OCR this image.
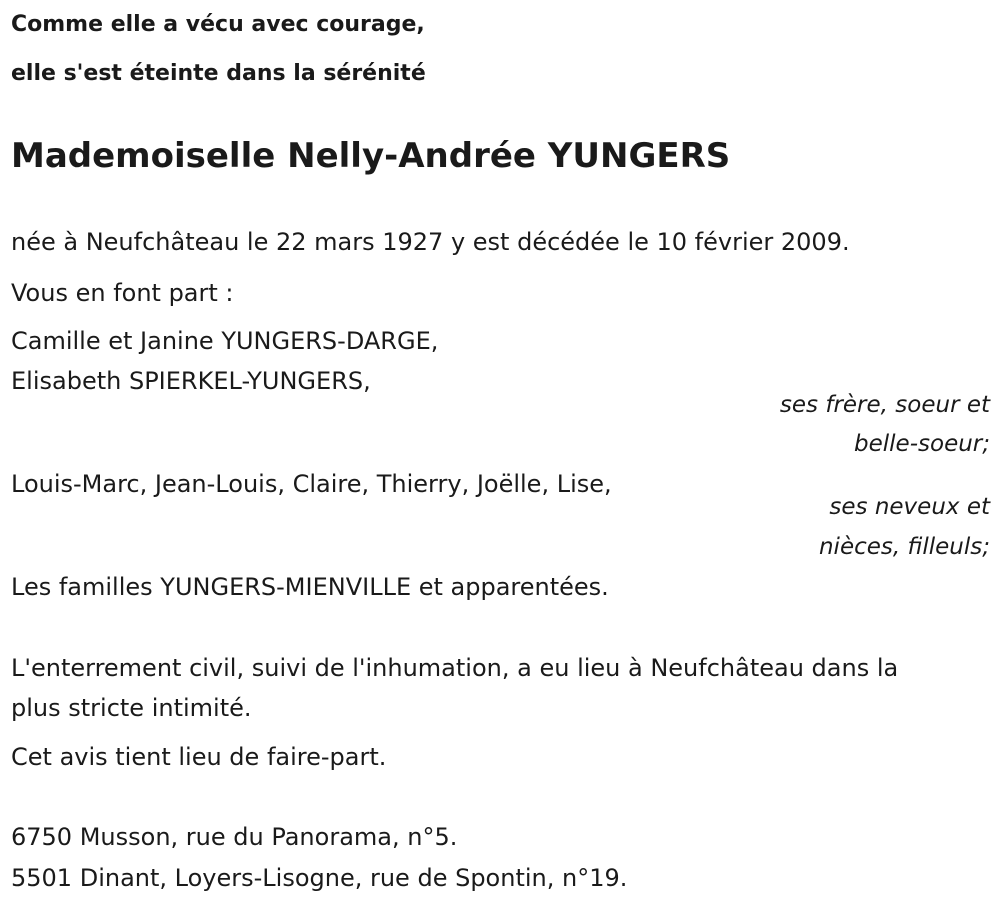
Comme elle a vécu avec courage,
elle s'est éteinte dans la sérénité
Mademoiselle Nelly-Andrée YUNGERS
née à Neufchâteau le 22 mars 1927 y est décédée le 10 février 2009.
Vous en font part :
Camille et Janine YUNGERS-DARGE,
Elisabeth SPIERKEL-YUNGERS,
ses frère, soeur et
belle-soeur;
Louis-Marc, Jean-Louis, Claire, Thierry, Joëlle, Lise,
ses neveux et
nièces, filleuls;
Les familles YUNGERS-MIENVILLE et apparentées.
L'enterrement civil, suivi de l'inhumation, a eu lieu à Neufchâteau dans la
plus stricte intimité.
Cet avis tient lieu de faire-part.
6750 Musson, rue du Panorama, n°5.
5501 Dinant, Loyers-Lisogne, rue de Spontin, n°19.
